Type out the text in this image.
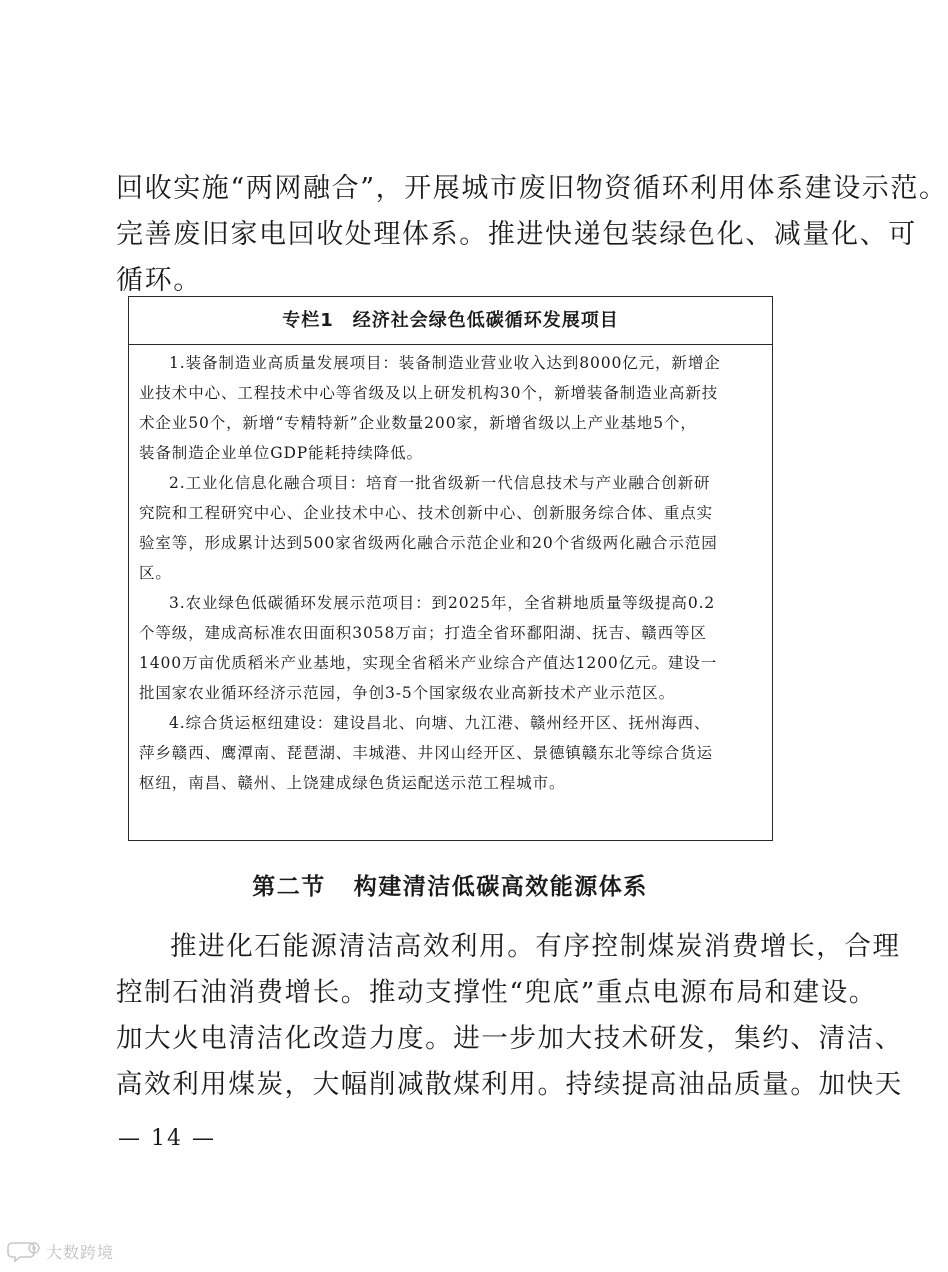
回收实施“两网融合”，开展城市废旧物资循环利用体系建设示范。
完善废旧家电回收处理体系。推进快递包装绿色化、减量化、可
循环。
专栏1　经济社会绿色低碳循环发展项目
1.装备制造业高质量发展项目：装备制造业营业收入达到8000亿元，新增企
业技术中心、工程技术中心等省级及以上研发机构30个，新增装备制造业高新技
术企业50个，新增“专精特新”企业数量200家，新增省级以上产业基地5个，
装备制造企业单位GDP能耗持续降低。
2.工业化信息化融合项目：培育一批省级新一代信息技术与产业融合创新研
究院和工程研究中心、企业技术中心、技术创新中心、创新服务综合体、重点实
验室等，形成累计达到500家省级两化融合示范企业和20个省级两化融合示范园
区。
3.农业绿色低碳循环发展示范项目：到2025年，全省耕地质量等级提高0.2
个等级，建成高标准农田面积3058万亩；打造全省环鄱阳湖、抚吉、赣西等区
1400万亩优质稻米产业基地，实现全省稻米产业综合产值达1200亿元。建设一
批国家农业循环经济示范园，争创3-5个国家级农业高新技术产业示范区。
4.综合货运枢纽建设：建设昌北、向塘、九江港、赣州经开区、抚州海西、
萍乡赣西、鹰潭南、琵琶湖、丰城港、井冈山经开区、景德镇赣东北等综合货运
枢纽，南昌、赣州、上饶建成绿色货运配送示范工程城市。
第二节 构建清洁低碳高效能源体系
推进化石能源清洁高效利用。有序控制煤炭消费增长，合理
控制石油消费增长。推动支撑性“兜底”重点电源布局和建设。
加大火电清洁化改造力度。进一步加大技术研发，集约、清洁、
高效利用煤炭，大幅削减散煤利用。持续提高油品质量。加快天
— 14 —
大数跨境
